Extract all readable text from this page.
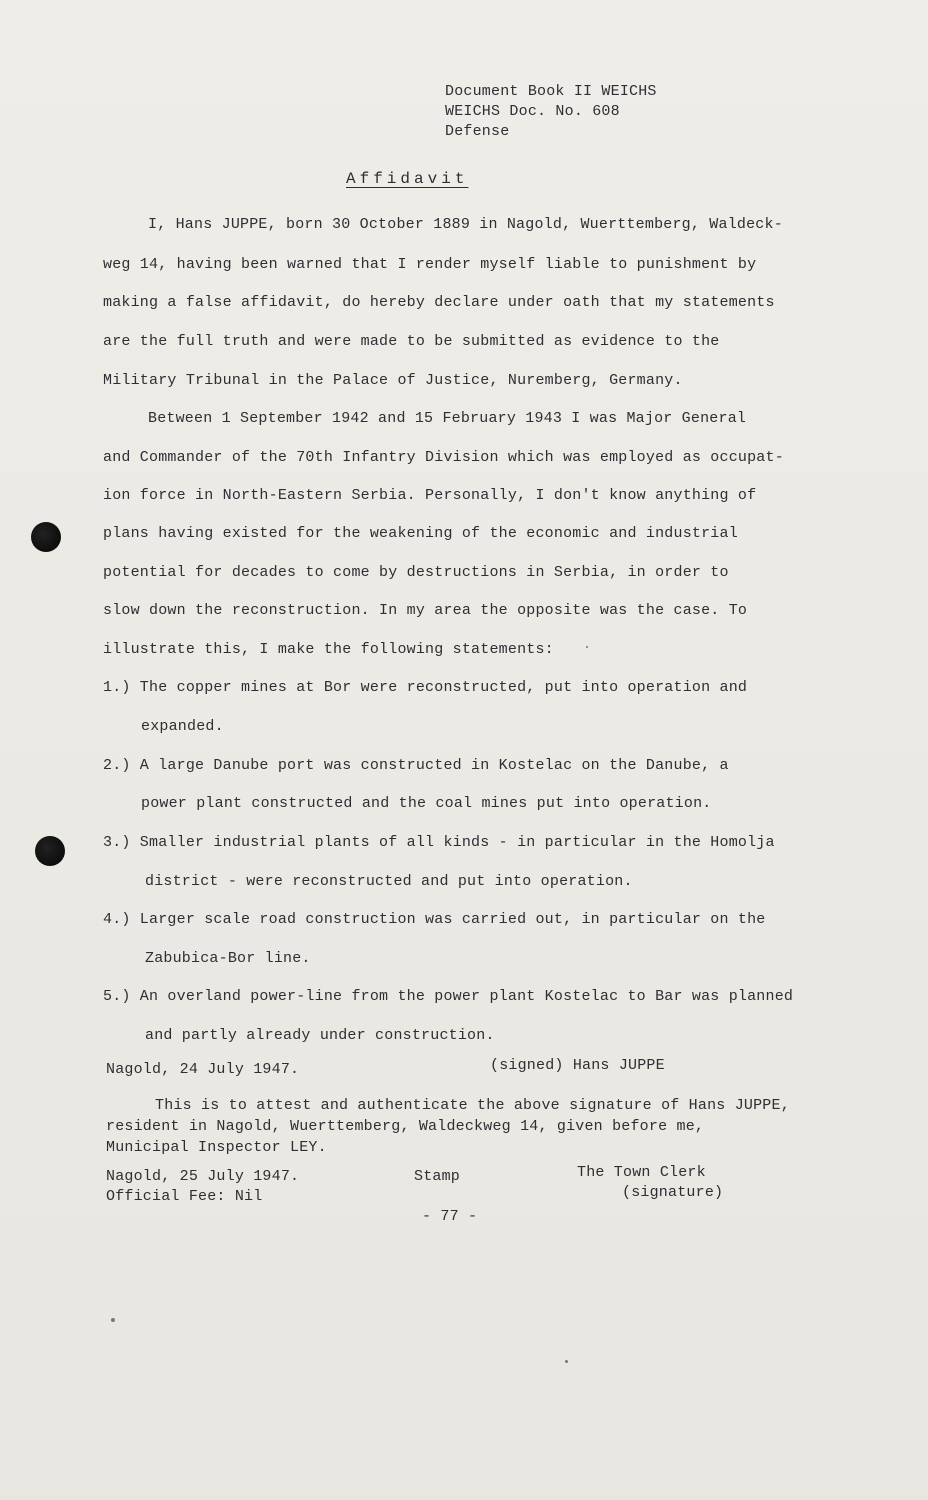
Document Book II WEICHS
WEICHS Doc. No. 608
Defense
Affidavit
I, Hans JUPPE, born 30 October 1889 in Nagold, Wuerttemberg, Waldeck-
weg 14, having been warned that I render myself liable to punishment by
making a false affidavit, do hereby declare under oath that my statements
are the full truth and were made to be submitted as evidence to the
Military Tribunal in the Palace of Justice, Nuremberg, Germany.
Between 1 September 1942 and 15 February 1943 I was Major General
and Commander of the 70th Infantry Division which was employed as occupat-
ion force in North-Eastern Serbia. Personally, I don't know anything of
plans having existed for the weakening of the economic and industrial
potential for decades to come by destructions in Serbia, in order to
slow down the reconstruction. In my area the opposite was the case. To
illustrate this, I make the following statements:
1.) The copper mines at Bor were reconstructed, put into operation and
expanded.
2.) A large Danube port was constructed in Kostelac on the Danube, a
power plant constructed and the coal mines put into operation.
3.) Smaller industrial plants of all kinds - in particular in the Homolja
district - were reconstructed and put into operation.
4.) Larger scale road construction was carried out, in particular on the
Zabubica-Bor line.
5.) An overland power-line from the power plant Kostelac to Bar was planned
and partly already under construction.
Nagold, 24 July 1947.	(signed) Hans JUPPE
This is to attest and authenticate the above signature of Hans JUPPE,
resident in Nagold, Wuerttemberg, Waldeckweg 14, given before me,
Municipal Inspector LEY.
Nagold, 25 July 1947.
Official Fee: Nil
Stamp	The Town Clerk
(signature)
- 77 -
